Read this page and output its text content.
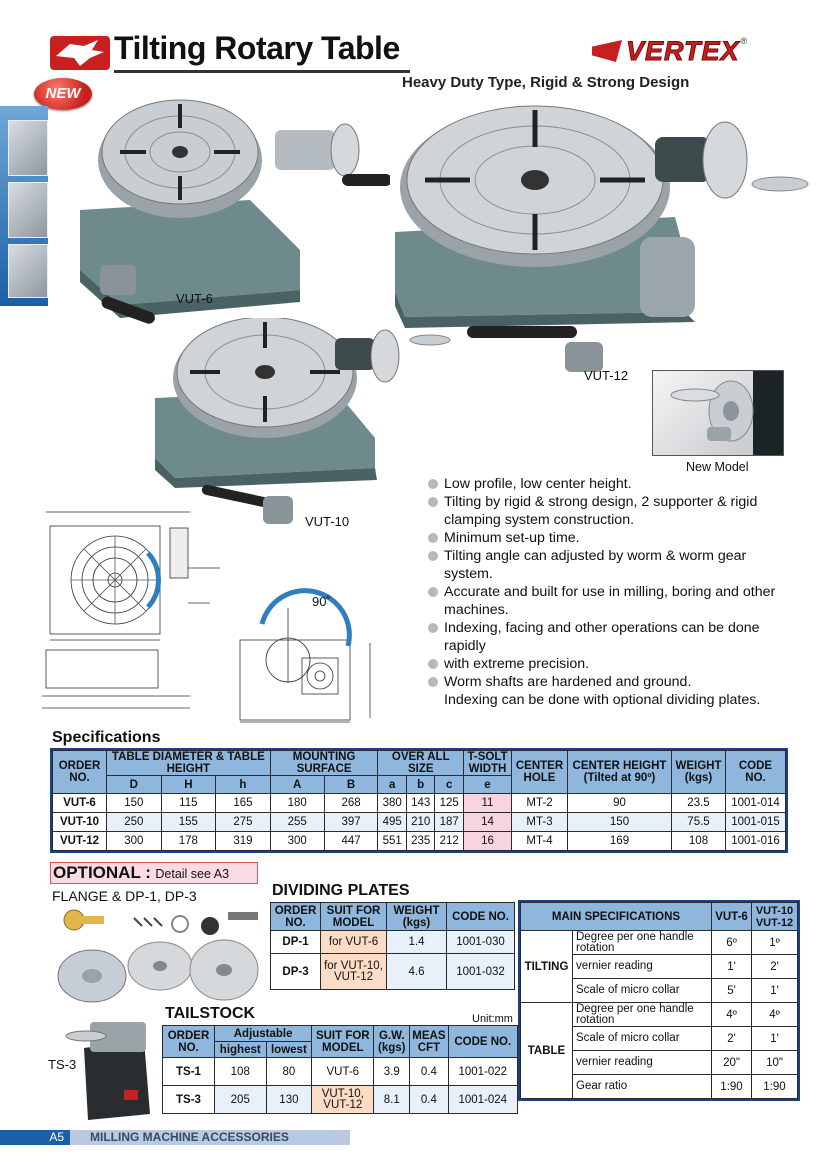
Tilting Rotary Table
NEW
VERTEX ®
Heavy Duty Type, Rigid & Strong Design
VUT-6
VUT-12
VUT-10
New Model
90˚
Low profile, low center height.
Tilting by rigid & strong design, 2 supporter & rigid clamping system construction.
Minimum set-up time.
Tilting angle can adjusted by worm & worm gear system.
Accurate and built for use in milling, boring and other machines.
Indexing, facing and other operations can be done rapidly
with extreme precision.
Worm shafts are hardened and ground.
Indexing can be done with optional dividing plates.
Specifications
ORDER NO.	TABLE DIAMETER & TABLE HEIGHT			MOUNTING SURFACE		OVER ALL SIZE			T-SOLT WIDTH	CENTER HOLE	CENTER HEIGHT (Tilted at 90º)	WEIGHT (kgs)	CODE NO.
	D	H	h	A	B	a	b	c	e				
VUT-6	150	115	165	180	268	380	143	125	11	MT-2	90	23.5	1001-014
VUT-10	250	155	275	255	397	495	210	187	14	MT-3	150	75.5	1001-015
VUT-12	300	178	319	300	447	551	235	212	16	MT-4	169	108	1001-016
OPTIONAL : Detail see A3
FLANGE & DP-1, DP-3	DIVIDING PLATES
ORDER NO.	SUIT FOR MODEL	WEIGHT (kgs)	CODE NO.
DP-1	for VUT-6	1.4	1001-030
DP-3	for VUT-10, VUT-12	4.6	1001-032
MAIN SPECIFICATIONS		VUT-6	VUT-10 VUT-12
TILTING	Degree per one handle rotation	6º	1º
	vernier reading	1'	2'
	Scale of micro collar	5'	1'
TABLE	Degree per one handle rotation	4º	4º
	Scale of micro collar	2'	1'
	vernier reading	20"	10"
	Gear ratio	1:90	1:90
TAILSTOCK	Unit:mm
TS-3
ORDER NO.	Adjustable		SUIT FOR MODEL	G.W. (kgs)	MEAS CFT	CODE NO.
	highest	lowest				
TS-1	108	80	VUT-6	3.9	0.4	1001-022
TS-3	205	130	VUT-10, VUT-12	8.1	0.4	1001-024
A5	MILLING MACHINE ACCESSORIES
